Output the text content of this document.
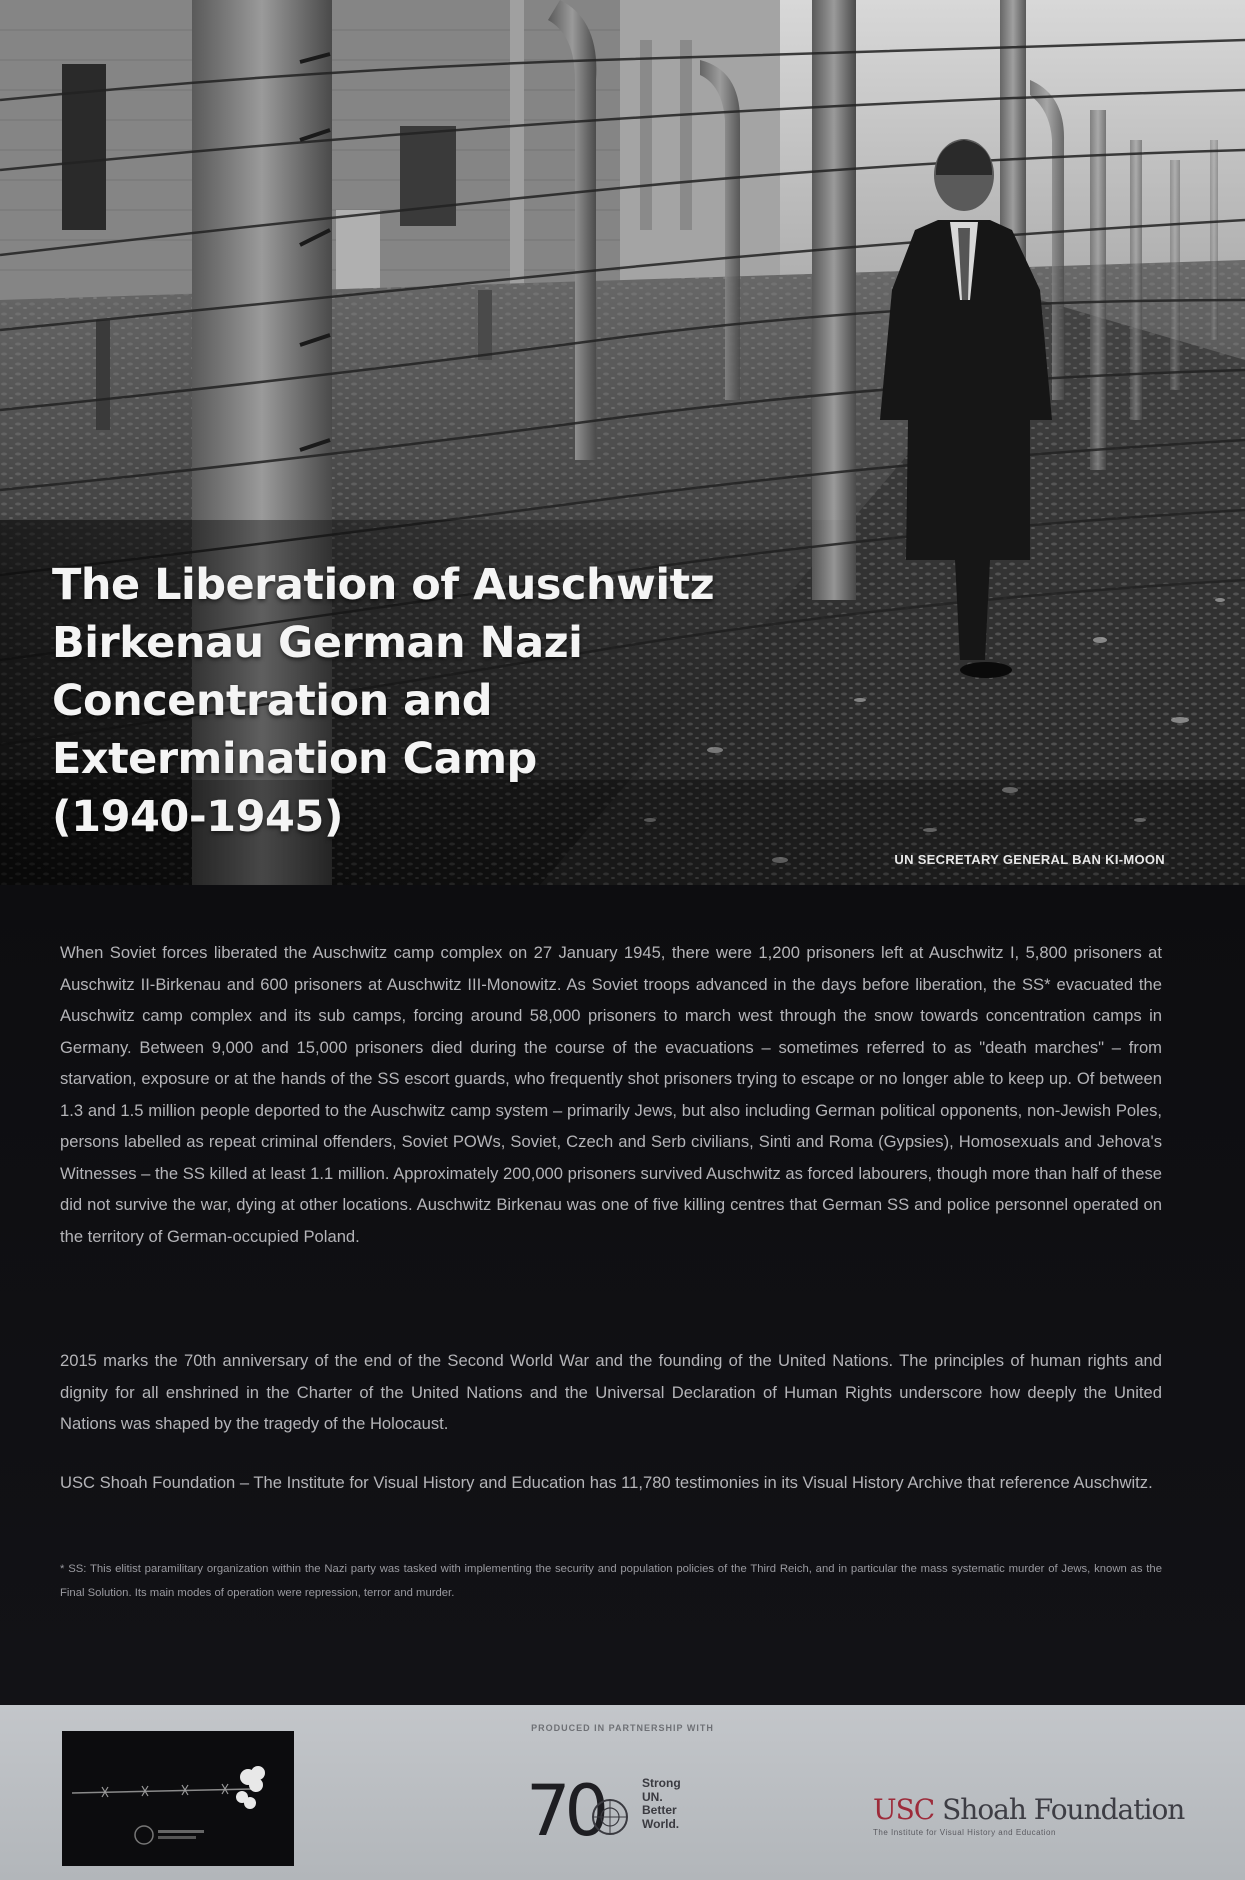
The Liberation of Auschwitz
Birkenau German Nazi
Concentration and
Extermination Camp
(1940-1945)
UN SECRETARY GENERAL BAN KI-MOON

When Soviet forces liberated the Auschwitz camp complex on 27 January 1945, there were 1,200 prisoners left at Auschwitz I, 5,800 prisoners at Auschwitz II-Birkenau and 600 prisoners at Auschwitz III-Monowitz. As Soviet troops advanced in the days before liberation, the SS* evacuated the Auschwitz camp complex and its sub camps, forcing around 58,000 prisoners to march west through the snow towards concentration camps in Germany. Between 9,000 and 15,000 prisoners died during the course of the evacuations – sometimes referred to as "death marches" – from starvation, exposure or at the hands of the SS escort guards, who frequently shot prisoners trying to escape or no longer able to keep up. Of between 1.3 and 1.5 million people deported to the Auschwitz camp system – primarily Jews, but also including German political opponents, non-Jewish Poles, persons labelled as repeat criminal offenders, Soviet POWs, Soviet, Czech and Serb civilians, Sinti and Roma (Gypsies), Homosexuals and Jehova's Witnesses – the SS killed at least 1.1 million. Approximately 200,000 prisoners survived Auschwitz as forced labourers, though more than half of these did not survive the war, dying at other locations. Auschwitz Birkenau was one of five killing centres that German SS and police personnel operated on the territory of German-occupied Poland.

2015 marks the 70th anniversary of the end of the Second World War and the founding of the United Nations. The principles of human rights and dignity for all enshrined in the Charter of the United Nations and the Universal Declaration of Human Rights underscore how deeply the United Nations was shaped by the tragedy of the Holocaust.

USC Shoah Foundation – The Institute for Visual History and Education has 11,780 testimonies in its Visual History Archive that reference Auschwitz.

* SS: This elitist paramilitary organization within the Nazi party was tasked with implementing the security and population policies of the Third Reich, and in particular the mass systematic murder of Jews, known as the Final Solution. Its main modes of operation were repression, terror and murder.

PRODUCED IN PARTNERSHIP WITH
70	Strong
UN.
Better
World.	USC Shoah Foundation
The Institute for Visual History and Education
